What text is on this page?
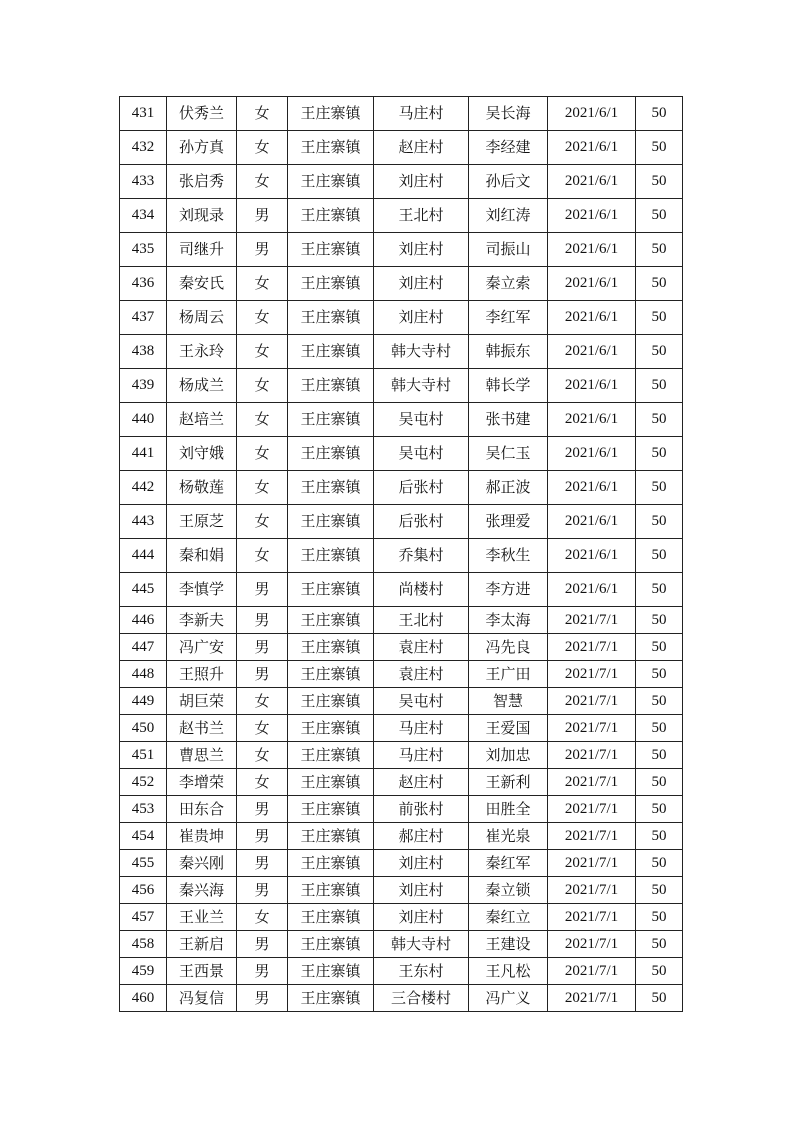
431	伏秀兰	女	王庄寨镇	马庄村	吴长海	2021/6/1	50
432	孙方真	女	王庄寨镇	赵庄村	李经建	2021/6/1	50
433	张启秀	女	王庄寨镇	刘庄村	孙后文	2021/6/1	50
434	刘现录	男	王庄寨镇	王北村	刘红涛	2021/6/1	50
435	司继升	男	王庄寨镇	刘庄村	司振山	2021/6/1	50
436	秦安氏	女	王庄寨镇	刘庄村	秦立索	2021/6/1	50
437	杨周云	女	王庄寨镇	刘庄村	李红军	2021/6/1	50
438	王永玲	女	王庄寨镇	韩大寺村	韩振东	2021/6/1	50
439	杨成兰	女	王庄寨镇	韩大寺村	韩长学	2021/6/1	50
440	赵培兰	女	王庄寨镇	吴屯村	张书建	2021/6/1	50
441	刘守娥	女	王庄寨镇	吴屯村	吴仁玉	2021/6/1	50
442	杨敬莲	女	王庄寨镇	后张村	郝正波	2021/6/1	50
443	王原芝	女	王庄寨镇	后张村	张理爱	2021/6/1	50
444	秦和娟	女	王庄寨镇	乔集村	李秋生	2021/6/1	50
445	李慎学	男	王庄寨镇	尚楼村	李方进	2021/6/1	50
446	李新夫	男	王庄寨镇	王北村	李太海	2021/7/1	50
447	冯广安	男	王庄寨镇	袁庄村	冯先良	2021/7/1	50
448	王照升	男	王庄寨镇	袁庄村	王广田	2021/7/1	50
449	胡巨荣	女	王庄寨镇	吴屯村	智慧	2021/7/1	50
450	赵书兰	女	王庄寨镇	马庄村	王爱国	2021/7/1	50
451	曹思兰	女	王庄寨镇	马庄村	刘加忠	2021/7/1	50
452	李增荣	女	王庄寨镇	赵庄村	王新利	2021/7/1	50
453	田东合	男	王庄寨镇	前张村	田胜全	2021/7/1	50
454	崔贵坤	男	王庄寨镇	郝庄村	崔光泉	2021/7/1	50
455	秦兴刚	男	王庄寨镇	刘庄村	秦红军	2021/7/1	50
456	秦兴海	男	王庄寨镇	刘庄村	秦立锁	2021/7/1	50
457	王业兰	女	王庄寨镇	刘庄村	秦红立	2021/7/1	50
458	王新启	男	王庄寨镇	韩大寺村	王建设	2021/7/1	50
459	王西景	男	王庄寨镇	王东村	王凡松	2021/7/1	50
460	冯复信	男	王庄寨镇	三合楼村	冯广义	2021/7/1	50
